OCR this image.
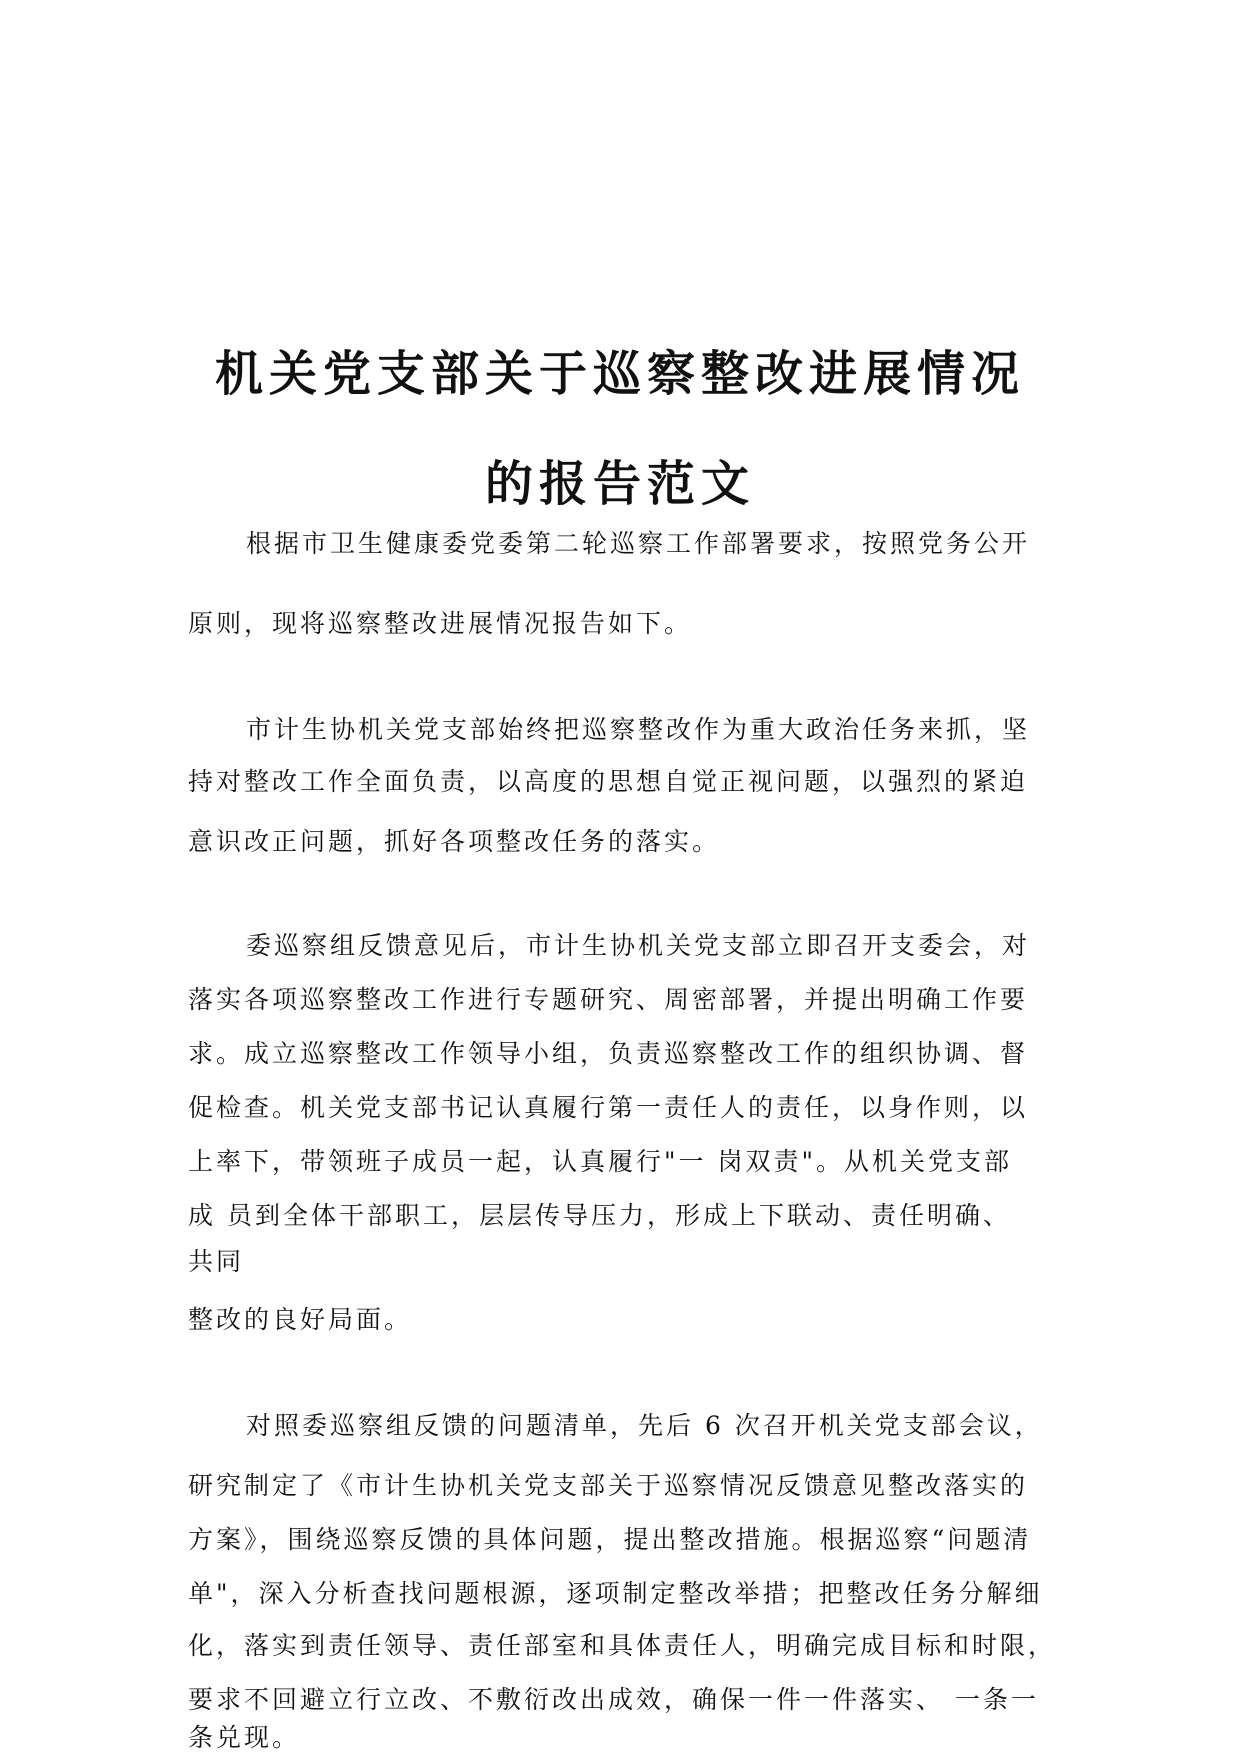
机关党支部关于巡察整改进展情况
的报告范文

根据市卫生健康委党委第二轮巡察工作部署要求，按照党务公开

原则，现将巡察整改进展情况报告如下。

市计生协机关党支部始终把巡察整改作为重大政治任务来抓，坚

持对整改工作全面负责，以高度的思想自觉正视问题，以强烈的紧迫

意识改正问题，抓好各项整改任务的落实。

委巡察组反馈意见后，市计生协机关党支部立即召开支委会，对

落实各项巡察整改工作进行专题研究、周密部署，并提出明确工作要

求。成立巡察整改工作领导小组，负责巡察整改工作的组织协调、督

促检查。机关党支部书记认真履行第一责任人的责任，以身作则，以

上率下，带领班子成员一起，认真履行"一 岗双责"。从机关党支部

成 员到全体干部职工，层层传导压力，形成上下联动、责任明确、

共同

整改的良好局面。

对照委巡察组反馈的问题清单，先后 6 次召开机关党支部会议，

研究制定了《市计生协机关党支部关于巡察情况反馈意见整改落实的

方案》，围绕巡察反馈的具体问题，提出整改措施。根据巡察“问题清

单"，深入分析查找问题根源，逐项制定整改举措；把整改任务分解细

化，落实到责任领导、责任部室和具体责任人，明确完成目标和时限，

要求不回避立行立改、不敷衍改出成效，确保一件一件落实、 一条一

条兑现。
